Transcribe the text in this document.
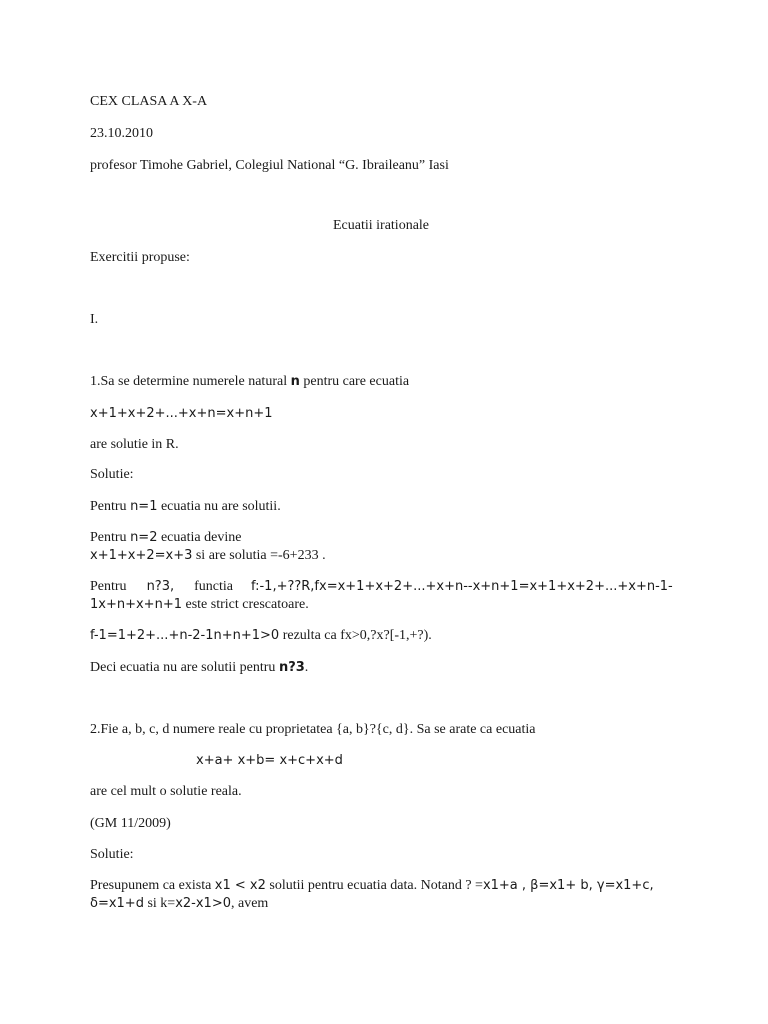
CEX CLASA A X-A
23.10.2010
profesor Timohe Gabriel, Colegiul National “G. Ibraileanu” Iasi
Ecuatii irationale
Exercitii propuse:
I.
1.Sa se determine numerele natural n pentru care ecuatia
x+1+x+2+...+x+n=x+n+1
are solutie in R.
Solutie:
Pentru n=1 ecuatia nu are solutii.
Pentru n=2 ecuatia devine
x+1+x+2=x+3 si are solutia =-6+233 .
Pentru n?3, functia f:-1,+??R,fx=x+1+x+2+...+x+n--x+n+1=x+1+x+2+...+x+n-1-
1x+n+x+n+1 este strict crescatoare.
f-1=1+2+...+n-2-1n+n+1>0 rezulta ca fx>0,?x?[-1,+?).
Deci ecuatia nu are solutii pentru n?3.
2.Fie a, b, c, d numere reale cu proprietatea {a, b}?{c, d}. Sa se arate ca ecuatia
x+a+ x+b= x+c+x+d
are cel mult o solutie reala.
(GM 11/2009)
Solutie:
Presupunem ca exista x1 < x2 solutii pentru ecuatia data. Notand ? =x1+a , β=x1+ b, γ=x1+c,
δ=x1+d si k=x2-x1>0, avem
